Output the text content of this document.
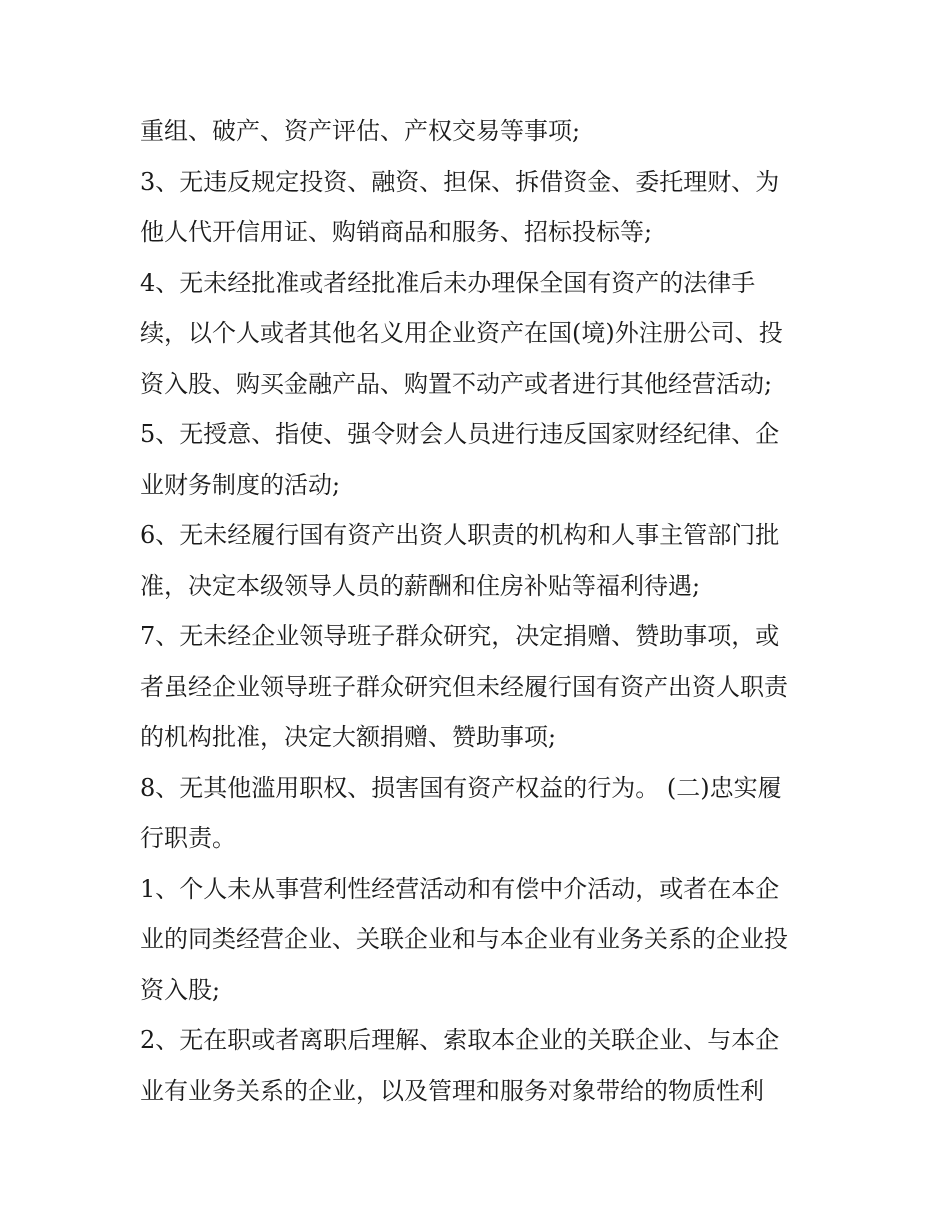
重组、破产、资产评估、产权交易等事项;
3、无违反规定投资、融资、担保、拆借资金、委托理财、为
他人代开信用证、购销商品和服务、招标投标等;
4、无未经批准或者经批准后未办理保全国有资产的法律手
续，以个人或者其他名义用企业资产在国(境)外注册公司、投
资入股、购买金融产品、购置不动产或者进行其他经营活动;
5、无授意、指使、强令财会人员进行违反国家财经纪律、企
业财务制度的活动;
6、无未经履行国有资产出资人职责的机构和人事主管部门批
准，决定本级领导人员的薪酬和住房补贴等福利待遇;
7、无未经企业领导班子群众研究，决定捐赠、赞助事项，或
者虽经企业领导班子群众研究但未经履行国有资产出资人职责
的机构批准，决定大额捐赠、赞助事项;
8、无其他滥用职权、损害国有资产权益的行为。 (二)忠实履
行职责。
1、个人未从事营利性经营活动和有偿中介活动，或者在本企
业的同类经营企业、关联企业和与本企业有业务关系的企业投
资入股;
2、无在职或者离职后理解、索取本企业的关联企业、与本企
业有业务关系的企业，以及管理和服务对象带给的物质性利
